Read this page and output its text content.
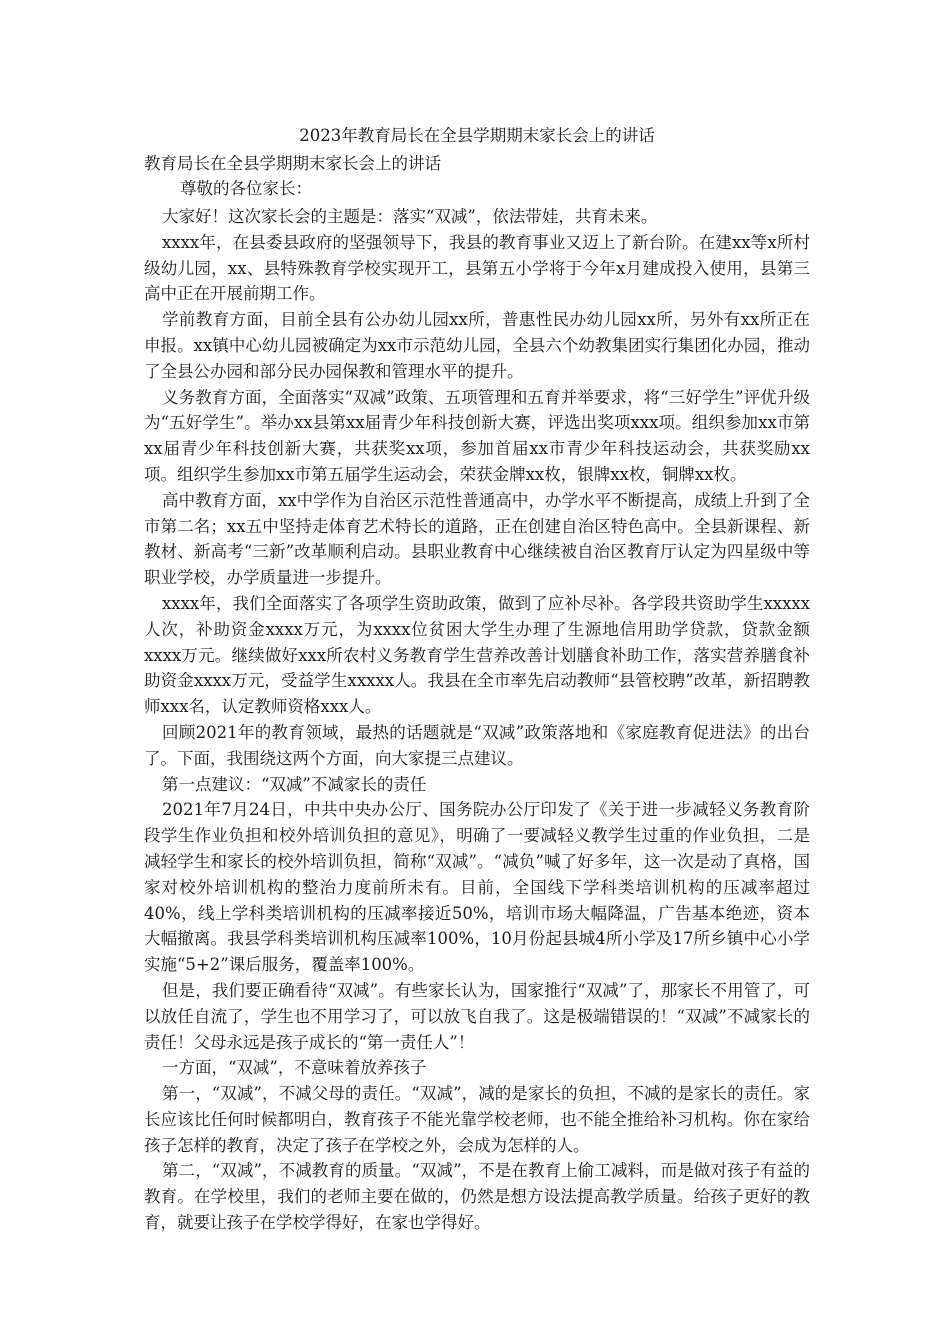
2023年教育局长在全县学期期末家长会上的讲话

教育局长在全县学期期末家长会上的讲话

尊敬的各位家长：

大家好！这次家长会的主题是：落实“双减”，依法带娃，共育未来。

xxxx年，在县委县政府的坚强领导下，我县的教育事业又迈上了新台阶。在建xx等x所村级幼儿园，xx、县特殊教育学校实现开工，县第五小学将于今年x月建成投入使用，县第三高中正在开展前期工作。

学前教育方面，目前全县有公办幼儿园xx所，普惠性民办幼儿园xx所，另外有xx所正在申报。xx镇中心幼儿园被确定为xx市示范幼儿园，全县六个幼教集团实行集团化办园，推动了全县公办园和部分民办园保教和管理水平的提升。

义务教育方面，全面落实“双减”政策、五项管理和五育并举要求，将“三好学生”评优升级为“五好学生”。举办xx县第xx届青少年科技创新大赛，评选出奖项xxx项。组织参加xx市第xx届青少年科技创新大赛，共获奖xx项，参加首届xx市青少年科技运动会，共获奖励xx项。组织学生参加xx市第五届学生运动会，荣获金牌xx枚，银牌xx枚，铜牌xx枚。

高中教育方面，xx中学作为自治区示范性普通高中，办学水平不断提高，成绩上升到了全市第二名；xx五中坚持走体育艺术特长的道路，正在创建自治区特色高中。全县新课程、新教材、新高考“三新”改革顺利启动。县职业教育中心继续被自治区教育厅认定为四星级中等职业学校，办学质量进一步提升。

xxxx年，我们全面落实了各项学生资助政策，做到了应补尽补。各学段共资助学生xxxxx人次，补助资金xxxx万元，为xxxx位贫困大学生办理了生源地信用助学贷款，贷款金额xxxx万元。继续做好xxx所农村义务教育学生营养改善计划膳食补助工作，落实营养膳食补助资金xxxx万元，受益学生xxxxx人。我县在全市率先启动教师“县管校聘”改革，新招聘教师xxx名，认定教师资格xxx人。

回顾2021年的教育领域，最热的话题就是“双减”政策落地和《家庭教育促进法》的出台了。下面，我围绕这两个方面，向大家提三点建议。

第一点建议：“双减”不减家长的责任

2021年7月24日，中共中央办公厅、国务院办公厅印发了《关于进一步减轻义务教育阶段学生作业负担和校外培训负担的意见》，明确了一要减轻义教学生过重的作业负担，二是减轻学生和家长的校外培训负担，简称“双减”。“减负”喊了好多年，这一次是动了真格，国家对校外培训机构的整治力度前所未有。目前，全国线下学科类培训机构的压减率超过40%，线上学科类培训机构的压减率接近50%，培训市场大幅降温，广告基本绝迹，资本大幅撤离。我县学科类培训机构压减率100%，10月份起县城4所小学及17所乡镇中心小学实施“5+2”课后服务，覆盖率100%。

但是，我们要正确看待“双减”。有些家长认为，国家推行“双减”了，那家长不用管了，可以放任自流了，学生也不用学习了，可以放飞自我了。这是极端错误的！“双减”不减家长的责任！父母永远是孩子成长的“第一责任人”！

一方面，“双减”，不意味着放养孩子

第一，“双减”，不减父母的责任。“双减”，减的是家长的负担，不减的是家长的责任。家长应该比任何时候都明白，教育孩子不能光靠学校老师，也不能全推给补习机构。你在家给孩子怎样的教育，决定了孩子在学校之外，会成为怎样的人。

第二，“双减”，不减教育的质量。“双减”，不是在教育上偷工减料，而是做对孩子有益的教育。在学校里，我们的老师主要在做的，仍然是想方设法提高教学质量。给孩子更好的教育，就要让孩子在学校学得好，在家也学得好。
